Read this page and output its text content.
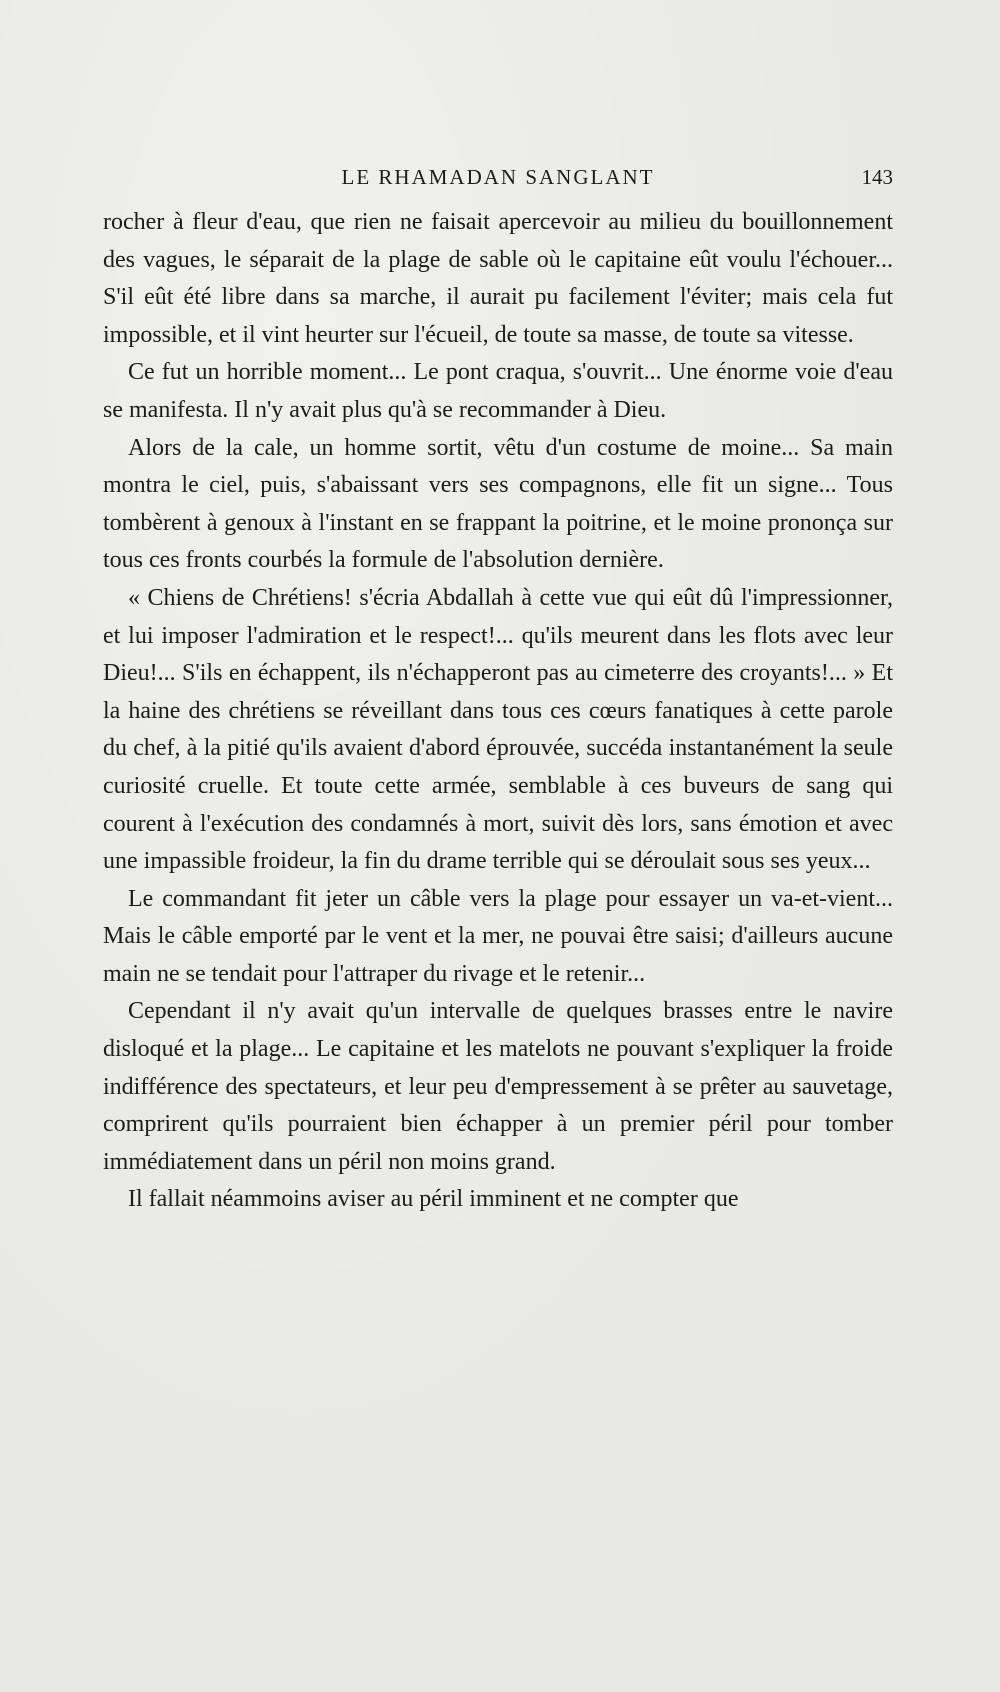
LE RHAMADAN SANGLANT	143

rocher à fleur d'eau, que rien ne faisait apercevoir au milieu du bouillonnement des vagues, le séparait de la plage de sable où le capitaine eût voulu l'échouer... S'il eût été libre dans sa marche, il aurait pu facilement l'éviter; mais cela fut impossible, et il vint heurter sur l'écueil, de toute sa masse, de toute sa vitesse.

Ce fut un horrible moment... Le pont craqua, s'ouvrit... Une énorme voie d'eau se manifesta. Il n'y avait plus qu'à se recommander à Dieu.

Alors de la cale, un homme sortit, vêtu d'un costume de moine... Sa main montra le ciel, puis, s'abaissant vers ses compagnons, elle fit un signe... Tous tombèrent à genoux à l'instant en se frappant la poitrine, et le moine prononça sur tous ces fronts courbés la formule de l'absolution dernière.

« Chiens de Chrétiens! s'écria Abdallah à cette vue qui eût dû l'impressionner, et lui imposer l'admiration et le respect!... qu'ils meurent dans les flots avec leur Dieu!... S'ils en échappent, ils n'échapperont pas au cimeterre des croyants!... » Et la haine des chrétiens se réveillant dans tous ces cœurs fanatiques à cette parole du chef, à la pitié qu'ils avaient d'abord éprouvée, succéda instantanément la seule curiosité cruelle. Et toute cette armée, semblable à ces buveurs de sang qui courent à l'exécution des condamnés à mort, suivit dès lors, sans émotion et avec une impassible froideur, la fin du drame terrible qui se déroulait sous ses yeux...

Le commandant fit jeter un câble vers la plage pour essayer un va-et-vient... Mais le câble emporté par le vent et la mer, ne pouvai être saisi; d'ailleurs aucune main ne se tendait pour l'attraper du rivage et le retenir...

Cependant il n'y avait qu'un intervalle de quelques brasses entre le navire disloqué et la plage... Le capitaine et les matelots ne pouvant s'expliquer la froide indifférence des spectateurs, et leur peu d'empressement à se prêter au sauvetage, comprirent qu'ils pourraient bien échapper à un premier péril pour tomber immédiatement dans un péril non moins grand.

Il fallait néammoins aviser au péril imminent et ne compter que
